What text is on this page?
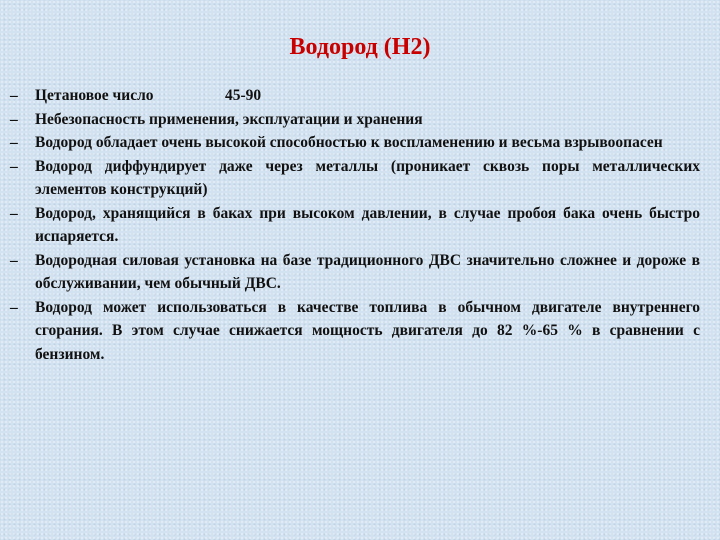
Водород (H2)
–	Цетановое число	45-90
–	Небезопасность применения, эксплуатации и хранения
–	Водород обладает очень высокой способностью к воспламенению и весьма взрывоопасен
–	Водород диффундирует даже через металлы (проникает сквозь поры металлических элементов конструкций)
–	Водород, хранящийся в баках при высоком давлении, в случае пробоя бака очень быстро испаряется.
–	Водородная силовая установка на базе традиционного ДВС значительно сложнее и дороже в обслуживании, чем обычный ДВС.
–	Водород может использоваться в качестве топлива в обычном двигателе внутреннего сгорания. В этом случае снижается мощность двигателя до 82 %-65 % в сравнении с бензином.
